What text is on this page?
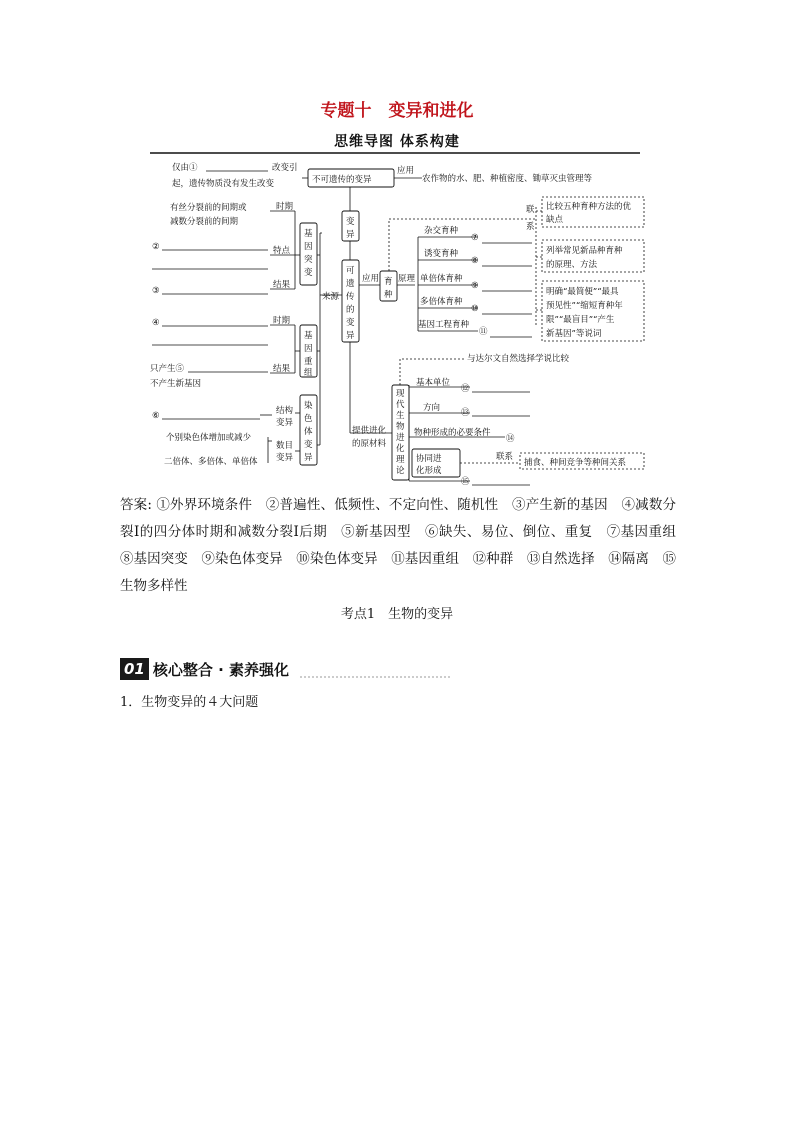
专题十　变异和进化
思维导图 体系构建
仅由①	改变引
起，遗传物质没有发生改变	不可遗传的变异
应用
农作物的水、肥、种植密度、锄草灭虫管理等
变
异
可
遗
传
的
变
异
来源
基
因
突
变
时期
特点
结果
有丝分裂前的间期或
减数分裂前的间期
②
③
基
因
重
组
时期
结果
④
只产生⑤
不产生新基因
染
色
体
变
异
结构
变异
⑥
数目
变异
个别染色体增加或减少
二倍体、多倍体、单倍体
应用 育
种
原理
杂交育种
诱变育种
单倍体育种
多倍体育种
基因工程育种
⑦
⑧
⑨
⑩
⑪
联
系
比较五种育种方法的优
缺点
列举常见新品种育种
的原理、方法
明确“最简便”“最具
预见性”“缩短育种年
限”“最盲目”“产生
新基因”等说词
提供进化
的原材料
现
代
生
物
进
化
理
论
与达尔文自然选择学说比较
基本单位
方向
物种形成的必要条件
⑫
⑬
⑭
协同进
化形成
联系
捕食、种间竞争等种间关系
⑮
答案: ①外界环境条件　②普遍性、低频性、不定向性、随机性　③产生新的基因　④减数分裂Ⅰ的四分体时期和减数分裂Ⅰ后期　⑤新基因型　⑥缺失、易位、倒位、重复　⑦基因重组　⑧基因突变　⑨染色体变异　⑩染色体变异　⑪基因重组　⑫种群　⑬自然选择　⑭隔离　⑮生物多样性
考点1　生物的变异
01 核心整合 · 素养强化
1．生物变异的４大问题
